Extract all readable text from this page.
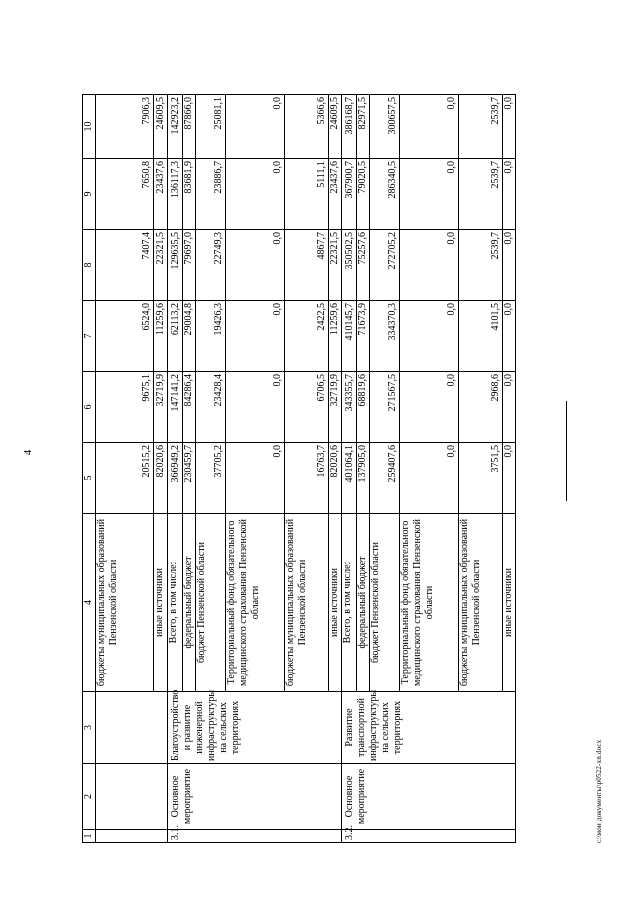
4
1	2	3	4	5	6	7	8	9	10
			бюджеты муниципальных образований Пензенской области	20515,2	9675,1	6524,0	7407,4	7650,8	7906,3
			иные источники	82020,6	32719,9	11259,6	22321,5	23437,6	24609,5
3.1.	Основное мероприятие	Благоустройство и развитие инженерной инфраструктуры на сельских территориях	Всего, в том числе:	366949,2	147141,2	62113,2	129635,5	136117,3	142923,2
			федеральный бюджет	230459,7	84286,4	29004,8	79697,0	83681,9	87866,0
			бюджет Пензенской области	37705,2	23428,4	19426,3	22749,3	23886,7	25081,1
			Территориальный фонд обязательного медицинского страхования Пензенской области	0,0	0,0	0,0	0,0	0,0	0,0
			бюджеты муниципальных образований Пензенской области	16763,7	6706,5	2422,5	4867,7	5111,1	5366,6
			иные источники	82020,6	32719,9	11259,6	22321,5	23437,6	24609,5
3.2.	Основное мероприятие	Развитие транспортной инфраструктуры на сельских территориях	Всего, в том числе:	401064,1	343355,7	410145,7	350502,5	367900,7	386168,7
			федеральный бюджет	137905,0	68819,6	71673,9	75257,6	79020,5	82971,5
			бюджет Пензенской области	259407,6	271567,5	334370,3	272705,2	286340,5	300657,5
			Территориальный фонд обязательного медицинского страхования Пензенской области	0,0	0,0	0,0	0,0	0,0	0,0
			бюджеты муниципальных образований Пензенской области	3751,5	2968,6	4101,5	2539,7	2539,7	2539,7
			иные источники	0,0	0,0	0,0	0,0	0,0	0,0
c:\мои документы\p0522-xn.docx
